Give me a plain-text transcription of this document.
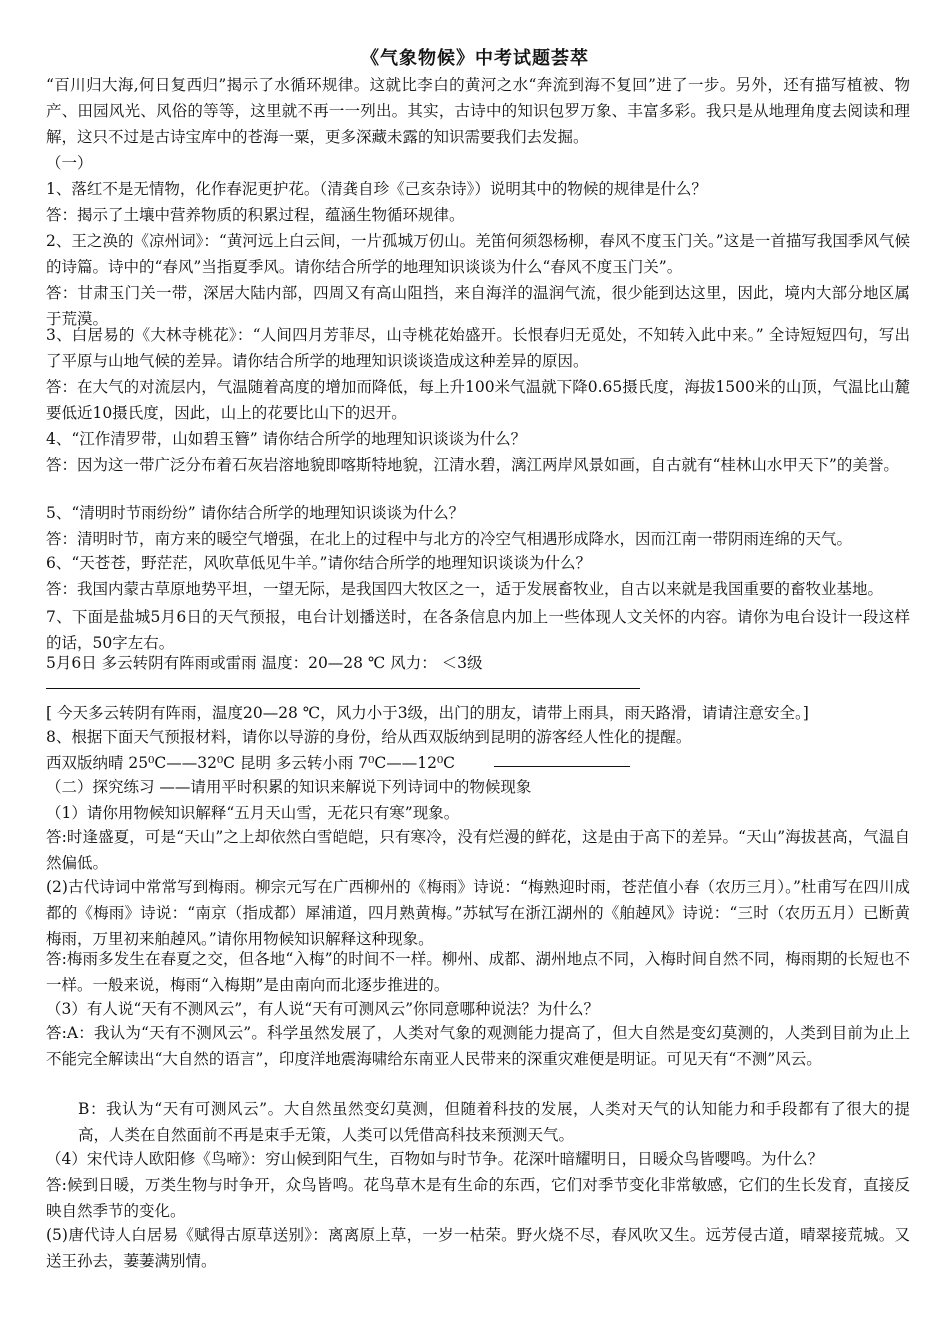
《气象物候》中考试题荟萃
“百川归大海,何日复西归”揭示了水循环规律。这就比李白的黄河之水“奔流到海不复回”进了一步。另外，还有描写植被、物产、田园风光、风俗的等等，这里就不再一一列出。其实，古诗中的知识包罗万象、丰富多彩。我只是从地理角度去阅读和理解，这只不过是古诗宝库中的苍海一粟，更多深藏未露的知识需要我们去发掘。
（一）
1、落红不是无情物，化作春泥更护花。（清龚自珍《己亥杂诗》）说明其中的物候的规律是什么？
答：揭示了土壤中营养物质的积累过程，蕴涵生物循环规律。
2、王之涣的《凉州词》：“黄河远上白云间，一片孤城万仞山。羌笛何须怨杨柳，春风不度玉门关。”这是一首描写我国季风气候的诗篇。诗中的“春风”当指夏季风。请你结合所学的地理知识谈谈为什么“春风不度玉门关”。
答：甘肃玉门关一带，深居大陆内部，四周又有高山阻挡，来自海洋的温润气流，很少能到达这里，因此，境内大部分地区属于荒漠。
3、白居易的《大林寺桃花》：“人间四月芳菲尽，山寺桃花始盛开。长恨春归无觅处，不知转入此中来。” 全诗短短四句，写出了平原与山地气候的差异。请你结合所学的地理知识谈谈造成这种差异的原因。
答：在大气的对流层内，气温随着高度的增加而降低，每上升100米气温就下降0.65摄氏度，海拔1500米的山顶，气温比山麓要低近10摄氏度，因此，山上的花要比山下的迟开。
4、“江作清罗带，山如碧玉簪” 请你结合所学的地理知识谈谈为什么？
答：因为这一带广泛分布着石灰岩溶地貌即喀斯特地貌，江清水碧，漓江两岸风景如画，自古就有“桂林山水甲天下”的美誉。
5、“清明时节雨纷纷” 请你结合所学的地理知识谈谈为什么？
答：清明时节，南方来的暖空气增强，在北上的过程中与北方的冷空气相遇形成降水，因而江南一带阴雨连绵的天气。
6、“天苍苍，野茫茫，风吹草低见牛羊。”请你结合所学的地理知识谈谈为什么？
答：我国内蒙古草原地势平坦，一望无际，是我国四大牧区之一，适于发展畜牧业，自古以来就是我国重要的畜牧业基地。
7、下面是盐城5月6日的天气预报，电台计划播送时，在各条信息内加上一些体现人文关怀的内容。请你为电台设计一段这样的话，50字左右。
5月6日 多云转阴有阵雨或雷雨 温度：20—28 ℃ 风力： ＜3级
[ 今天多云转阴有阵雨，温度20—28 ℃，风力小于3级，出门的朋友，请带上雨具，雨天路滑，请请注意安全。]
8、根据下面天气预报材料，请你以导游的身份，给从西双版纳到昆明的游客经人性化的提醒。
西双版纳晴 25⁰C——32⁰C 昆明 多云转小雨 7⁰C——12⁰C
（二）探究练习 ——请用平时积累的知识来解说下列诗词中的物候现象
（1）请你用物候知识解释“五月天山雪，无花只有寒”现象。
答:时逢盛夏，可是“天山”之上却依然白雪皑皑，只有寒冷，没有烂漫的鲜花，这是由于高下的差异。“天山”海拔甚高，气温自然偏低。
(2)古代诗词中常常写到梅雨。柳宗元写在广西柳州的《梅雨》诗说：“梅熟迎时雨，苍茫值小春（农历三月）。”杜甫写在四川成都的《梅雨》诗说：“南京（指成都）犀浦道，四月熟黄梅。”苏轼写在浙江湖州的《舶趠风》诗说：“三时（农历五月）已断黄梅雨，万里初来舶趠风。”请你用物候知识解释这种现象。
答:梅雨多发生在春夏之交，但各地“入梅”的时间不一样。柳州、成都、湖州地点不同，入梅时间自然不同，梅雨期的长短也不一样。一般来说，梅雨“入梅期”是由南向而北逐步推进的。
（3）有人说“天有不测风云”，有人说“天有可测风云”你同意哪种说法？为什么？
答:A：我认为“天有不测风云”。科学虽然发展了，人类对气象的观测能力提高了，但大自然是变幻莫测的，人类到目前为止上不能完全解读出“大自然的语言”，印度洋地震海啸给东南亚人民带来的深重灾难便是明证。可见天有“不测”风云。
B：我认为“天有可测风云”。大自然虽然变幻莫测，但随着科技的发展，人类对天气的认知能力和手段都有了很大的提高，人类在自然面前不再是束手无策，人类可以凭借高科技来预测天气。
（4）宋代诗人欧阳修《鸟啼》：穷山候到阳气生，百物如与时节争。花深叶暗耀明日，日暖众鸟皆嘤鸣。为什么？
答:候到日暖，万类生物与时争开，众鸟皆鸣。花鸟草木是有生命的东西，它们对季节变化非常敏感，它们的生长发育，直接反映自然季节的变化。
(5)唐代诗人白居易《赋得古原草送别》：离离原上草，一岁一枯荣。野火烧不尽，春风吹又生。远芳侵古道，晴翠接荒城。又送王孙去，萋萋满别情。
